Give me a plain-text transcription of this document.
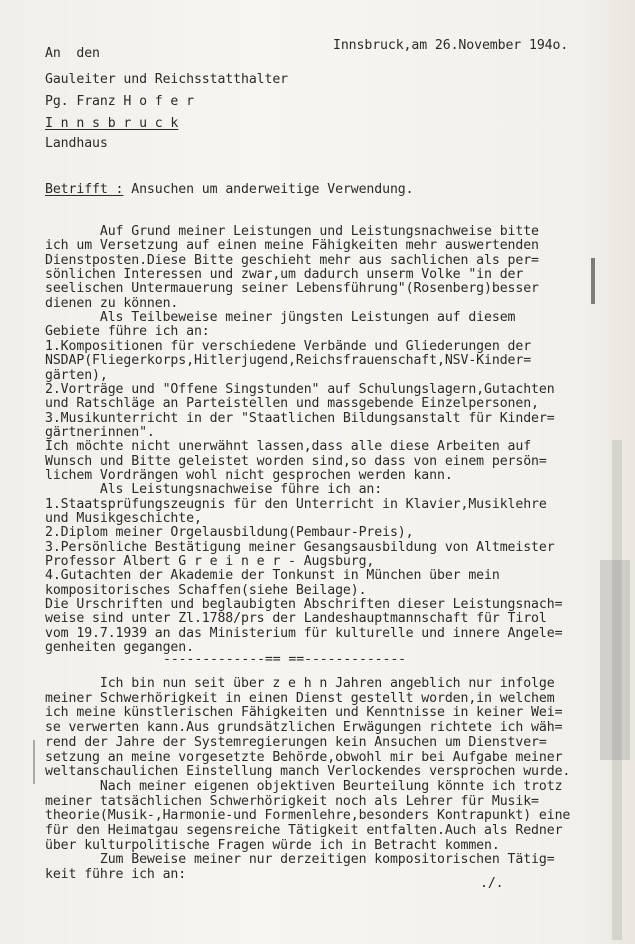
Innsbruck,am 26.November 194o.
An  den
Gauleiter und Reichsstatthalter
Pg. Franz H o f e r
I n n s b r u c k
Landhaus
Betrifft : Ansuchen um anderweitige Verwendung.
Auf Grund meiner Leistungen und Leistungsnachweise bitte
ich um Versetzung auf einen meine Fähigkeiten mehr auswertenden
Dienstposten.Diese Bitte geschieht mehr aus sachlichen als per=
sönlichen Interessen und zwar,um dadurch unserm Volke "in der
seelischen Untermauerung seiner Lebensführung"(Rosenberg)besser
dienen zu können.
Als Teilbeweise meiner jüngsten Leistungen auf diesem
Gebiete führe ich an:
1.Kompositionen für verschiedene Verbände und Gliederungen der
NSDAP(Fliegerkorps,Hitlerjugend,Reichsfrauenschaft,NSV-Kinder=
gärten),
2.Vorträge und "Offene Singstunden" auf Schulungslagern,Gutachten
und Ratschläge an Parteistellen und massgebende Einzelpersonen,
3.Musikunterricht in der "Staatlichen Bildungsanstalt für Kinder=
gärtnerinnen".
Ich möchte nicht unerwähnt lassen,dass alle diese Arbeiten auf
Wunsch und Bitte geleistet worden sind,so dass von einem persön=
lichem Vordrängen wohl nicht gesprochen werden kann.
Als Leistungsnachweise führe ich an:
1.Staatsprüfungszeugnis für den Unterricht in Klavier,Musiklehre
und Musikgeschichte,
2.Diplom meiner Orgelausbildung(Pembaur-Preis),
3.Persönliche Bestätigung meiner Gesangsausbildung von Altmeister
Professor Albert G r e i n e r - Augsburg,
4.Gutachten der Akademie der Tonkunst in München über mein
kompositorisches Schaffen(siehe Beilage).
Die Urschriften und beglaubigten Abschriften dieser Leistungsnach=
weise sind unter Zl.1788/prs der Landeshauptmannschaft für Tirol
vom 19.7.1939 an das Ministerium für kulturelle und innere Angele=
genheiten gegangen.
-------------== ==-------------
Ich bin nun seit über z e h n Jahren angeblich nur infolge
meiner Schwerhörigkeit in einen Dienst gestellt worden,in welchem
ich meine künstlerischen Fähigkeiten und Kenntnisse in keiner Wei=
se verwerten kann.Aus grundsätzlichen Erwägungen richtete ich wäh=
rend der Jahre der Systemregierungen kein Ansuchen um Dienstver=
setzung an meine vorgesetzte Behörde,obwohl mir bei Aufgabe meiner
weltanschaulichen Einstellung manch Verlockendes versprochen wurde.
Nach meiner eigenen objektiven Beurteilung könnte ich trotz
meiner tatsächlichen Schwerhörigkeit noch als Lehrer für Musik=
theorie(Musik-,Harmonie-und Formenlehre,besonders Kontrapunkt) eine
für den Heimatgau segensreiche Tätigkeit entfalten.Auch als Redner
über kulturpolitische Fragen würde ich in Betracht kommen.
Zum Beweise meiner nur derzeitigen kompositorischen Tätig=
keit führe ich an:
./.
